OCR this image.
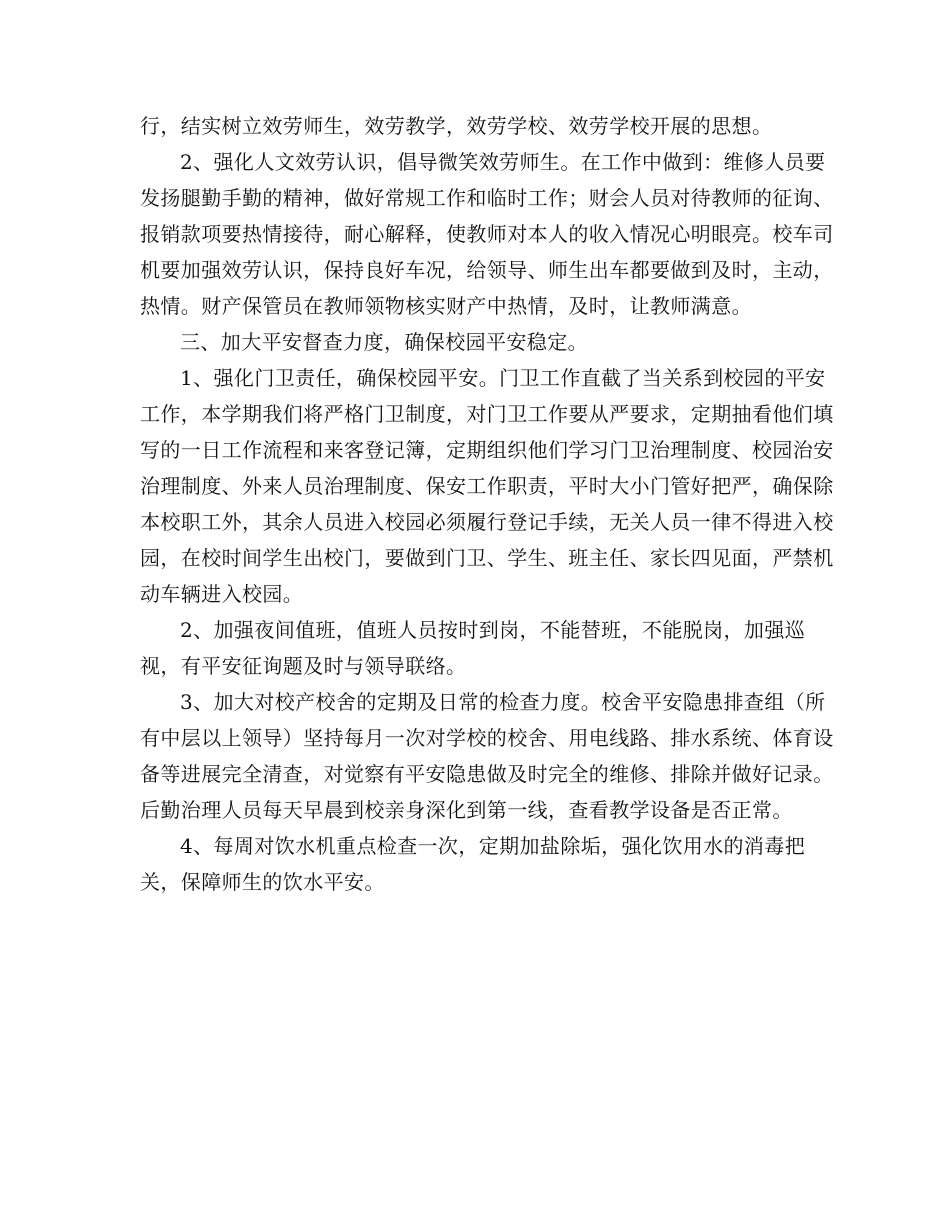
行，结实树立效劳师生，效劳教学，效劳学校、效劳学校开展的思想。

2、强化人文效劳认识，倡导微笑效劳师生。在工作中做到：维修人员要发扬腿勤手勤的精神，做好常规工作和临时工作；财会人员对待教师的征询、报销款项要热情接待，耐心解释，使教师对本人的收入情况心明眼亮。校车司机要加强效劳认识，保持良好车况，给领导、师生出车都要做到及时，主动，热情。财产保管员在教师领物核实财产中热情，及时，让教师满意。

三、加大平安督查力度，确保校园平安稳定。

1、强化门卫责任，确保校园平安。门卫工作直截了当关系到校园的平安工作，本学期我们将严格门卫制度，对门卫工作要从严要求，定期抽看他们填写的一日工作流程和来客登记簿，定期组织他们学习门卫治理制度、校园治安治理制度、外来人员治理制度、保安工作职责，平时大小门管好把严，确保除本校职工外，其余人员进入校园必须履行登记手续，无关人员一律不得进入校园，在校时间学生出校门，要做到门卫、学生、班主任、家长四见面，严禁机动车辆进入校园。

2、加强夜间值班，值班人员按时到岗，不能替班，不能脱岗，加强巡视，有平安征询题及时与领导联络。

3、加大对校产校舍的定期及日常的检查力度。校舍平安隐患排查组（所有中层以上领导）坚持每月一次对学校的校舍、用电线路、排水系统、体育设备等进展完全清查，对觉察有平安隐患做及时完全的维修、排除并做好记录。后勤治理人员每天早晨到校亲身深化到第一线，查看教学设备是否正常。

4、每周对饮水机重点检查一次，定期加盐除垢，强化饮用水的消毒把关，保障师生的饮水平安。
